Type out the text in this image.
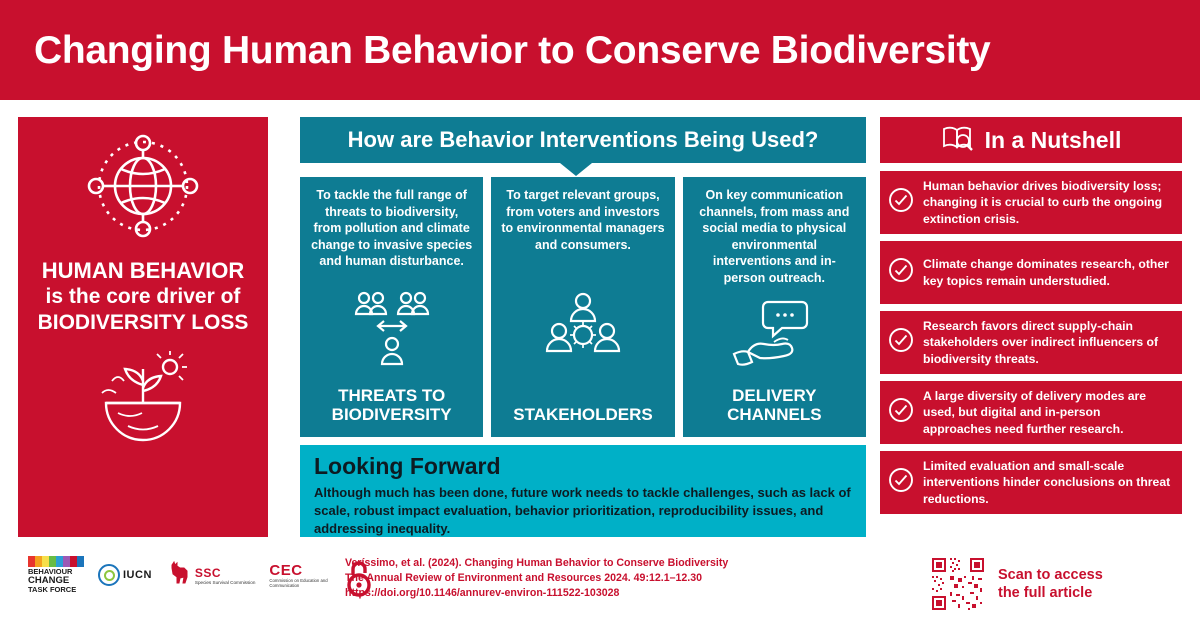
Changing Human Behavior to Conserve Biodiversity
HUMAN BEHAVIOR
is the core driver of
BIODIVERSITY LOSS
How are Behavior Interventions Being Used?
To tackle the full range of threats to biodiversity, from pollution and climate change to invasive species and human disturbance.
THREATS TO BIODIVERSITY
To target relevant groups, from voters and investors to environmental managers and consumers.
STAKEHOLDERS
On key communication channels, from mass and social media to physical environmental interventions and in-person outreach.
DELIVERY CHANNELS
Looking Forward

Although much has been done, future work needs to tackle challenges, such as lack of scale, robust impact evaluation, behavior prioritization, reproducibility issues, and addressing inequality.

In a Nutshell
Human behavior drives biodiversity loss; changing it is crucial to curb the ongoing extinction crisis.
Climate change dominates research, other key topics remain understudied.
Research favors direct supply-chain stakeholders over indirect influencers of biodiversity threats.
A large diversity of delivery modes are used, but digital and in-person approaches need further research.
Limited evaluation and small-scale interventions hinder conclusions on threat reductions.
BEHAVIOUR
CHANGE
TASK FORCE
IUCN	SSC
Species Survival Commission
CEC
Commission on Education and Communication

Veríssimo, et al. (2024). Changing Human Behavior to Conserve Biodiversity

The Annual Review of Environment and Resources 2024. 49:12.1–12.30

https://doi.org/10.1146/annurev-environ-111522-103028

Scan to access
the full article
